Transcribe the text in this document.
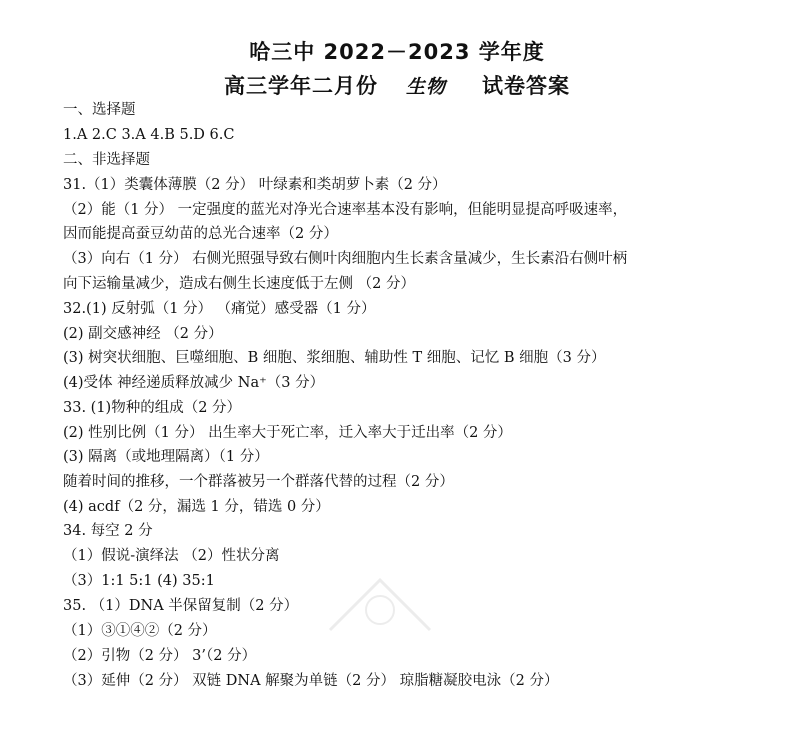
哈三中 2022－2023 学年度
高三学年二月份 生物 试卷答案
一、选择题
1.A 2.C 3.A 4.B 5.D 6.C
二、非选择题
31.（1）类囊体薄膜（2 分） 叶绿素和类胡萝卜素（2 分）
（2）能（1 分） 一定强度的蓝光对净光合速率基本没有影响，但能明显提高呼吸速率，
因而能提高蚕豆幼苗的总光合速率（2 分）
（3）向右（1 分） 右侧光照强导致右侧叶肉细胞内生长素含量减少，生长素沿右侧叶柄
向下运输量减少，造成右侧生长速度低于左侧 （2 分）
32.(1) 反射弧（1 分） （痛觉）感受器（1 分）
(2) 副交感神经 （2 分）
(3) 树突状细胞、巨噬细胞、B 细胞、浆细胞、辅助性 T 细胞、记忆 B 细胞（3 分）
(4)受体 神经递质释放减少 Na⁺（3 分）
33. (1)物种的组成（2 分）
(2) 性别比例（1 分） 出生率大于死亡率，迁入率大于迁出率（2 分）
(3) 隔离（或地理隔离）（1 分）
随着时间的推移，一个群落被另一个群落代替的过程（2 分）
(4) acdf（2 分，漏选 1 分，错选 0 分）
34. 每空 2 分
（1）假说-演绎法 （2）性状分离
（3）1:1 5:1 (4) 35:1
35. （1）DNA 半保留复制（2 分）
（1）③①④②（2 分）
（2）引物（2 分） 3’（2 分）
（3）延伸（2 分） 双链 DNA 解聚为单链（2 分） 琼脂糖凝胶电泳（2 分）
